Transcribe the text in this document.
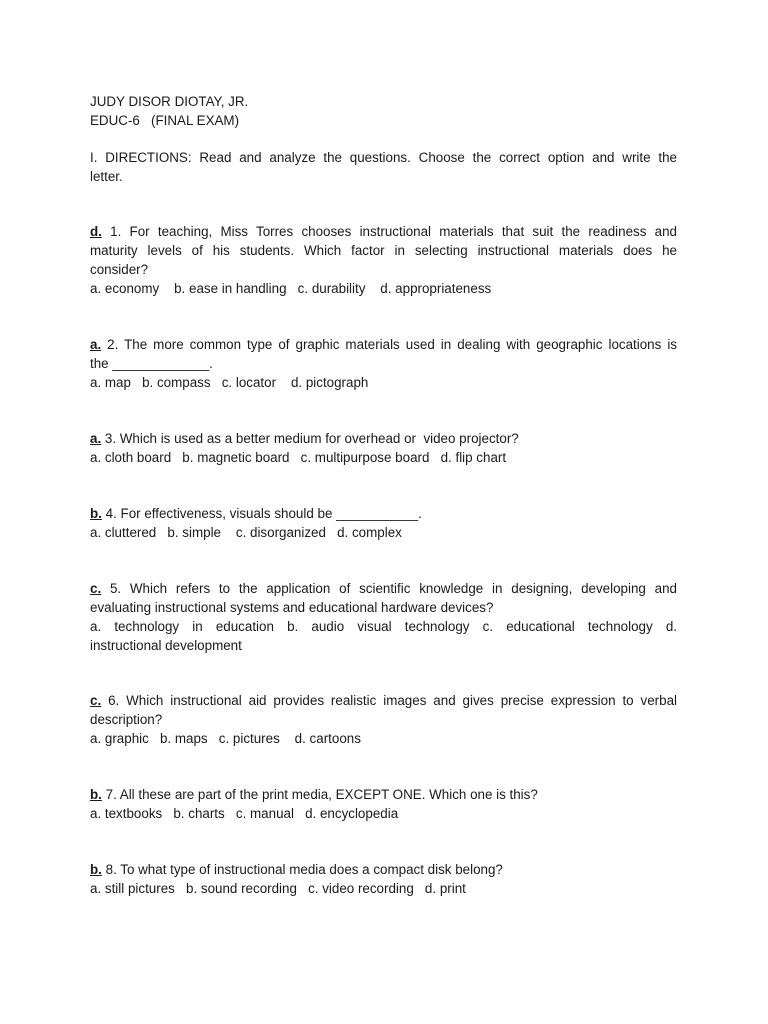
JUDY DISOR DIOTAY, JR.
EDUC-6   (FINAL EXAM)
I. DIRECTIONS: Read and analyze the questions. Choose the correct option and write the
letter.
d. 1. For teaching, Miss Torres chooses instructional materials that suit the readiness and
maturity levels of his students. Which factor in selecting instructional materials does he
consider?
a. economy    b. ease in handling   c. durability    d. appropriateness
a. 2. The more common type of graphic materials used in dealing with geographic locations is
the _____________.
a. map   b. compass   c. locator    d. pictograph
a. 3. Which is used as a better medium for overhead or  video projector?
a. cloth board   b. magnetic board   c. multipurpose board   d. flip chart
b. 4. For effectiveness, visuals should be ___________.
a. cluttered   b. simple    c. disorganized   d. complex
c. 5. Which refers to the application of scientific knowledge in designing, developing and
evaluating instructional systems and educational hardware devices?
a. technology in education b. audio visual technology c. educational technology d.
instructional development
c. 6. Which instructional aid provides realistic images and gives precise expression to verbal
description?
a. graphic   b. maps   c. pictures    d. cartoons
b. 7. All these are part of the print media, EXCEPT ONE. Which one is this?
a. textbooks   b. charts   c. manual   d. encyclopedia
b. 8. To what type of instructional media does a compact disk belong?
a. still pictures   b. sound recording   c. video recording   d. print
